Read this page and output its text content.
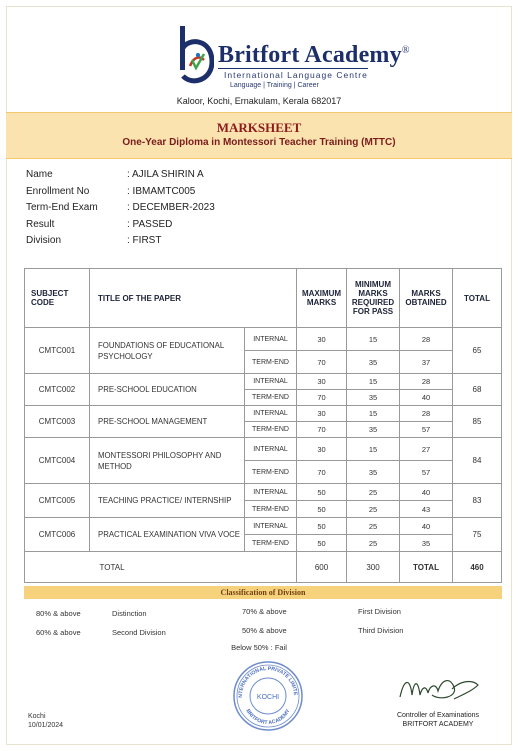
Britfort Academy®
International Language Centre
Language | Training | Career
Kaloor, Kochi, Ernakulam, Kerala 682017
MARKSHEET
One-Year Diploma in Montessori Teacher Training (MTTC)
Name	: AJILA SHIRIN A
Enrollment No	: IBMAMTC005
Term-End Exam	: DECEMBER-2023
Result	: PASSED
Division	: FIRST
SUBJECT CODE	TITLE OF THE PAPER		MAXIMUM MARKS	MINIMUM MARKS REQUIRED FOR PASS	MARKS OBTAINED	TOTAL
CMTC001	FOUNDATIONS OF EDUCATIONAL PSYCHOLOGY	INTERNAL	30	15	28	65
		TERM-END	70	35	37	
CMTC002	PRE-SCHOOL EDUCATION	INTERNAL	30	15	28	68
		TERM-END	70	35	40	
CMTC003	PRE-SCHOOL MANAGEMENT	INTERNAL	30	15	28	85
		TERM-END	70	35	57	
CMTC004	MONTESSORI PHILOSOPHY AND METHOD	INTERNAL	30	15	27	84
		TERM-END	70	35	57	
CMTC005	TEACHING PRACTICE/ INTERNSHIP	INTERNAL	50	25	40	83
		TERM-END	50	25	43	
CMTC006	PRACTICAL EXAMINATION VIVA VOCE	INTERNAL	50	25	40	75
		TERM-END	50	25	35	
	TOTAL		600	300	TOTAL	460
Classification of Division
80% & above	Distinction	70% & above	First Division
60% & above	Second Division	50% & above	Third Division
Below 50% : Fail
NTERNATIONAL PRIVATE LIMITE
BRITFORT ACADEMY
KOCHI
Kochi
10/01/2024
Controller of Examinations
BRITFORT ACADEMY
